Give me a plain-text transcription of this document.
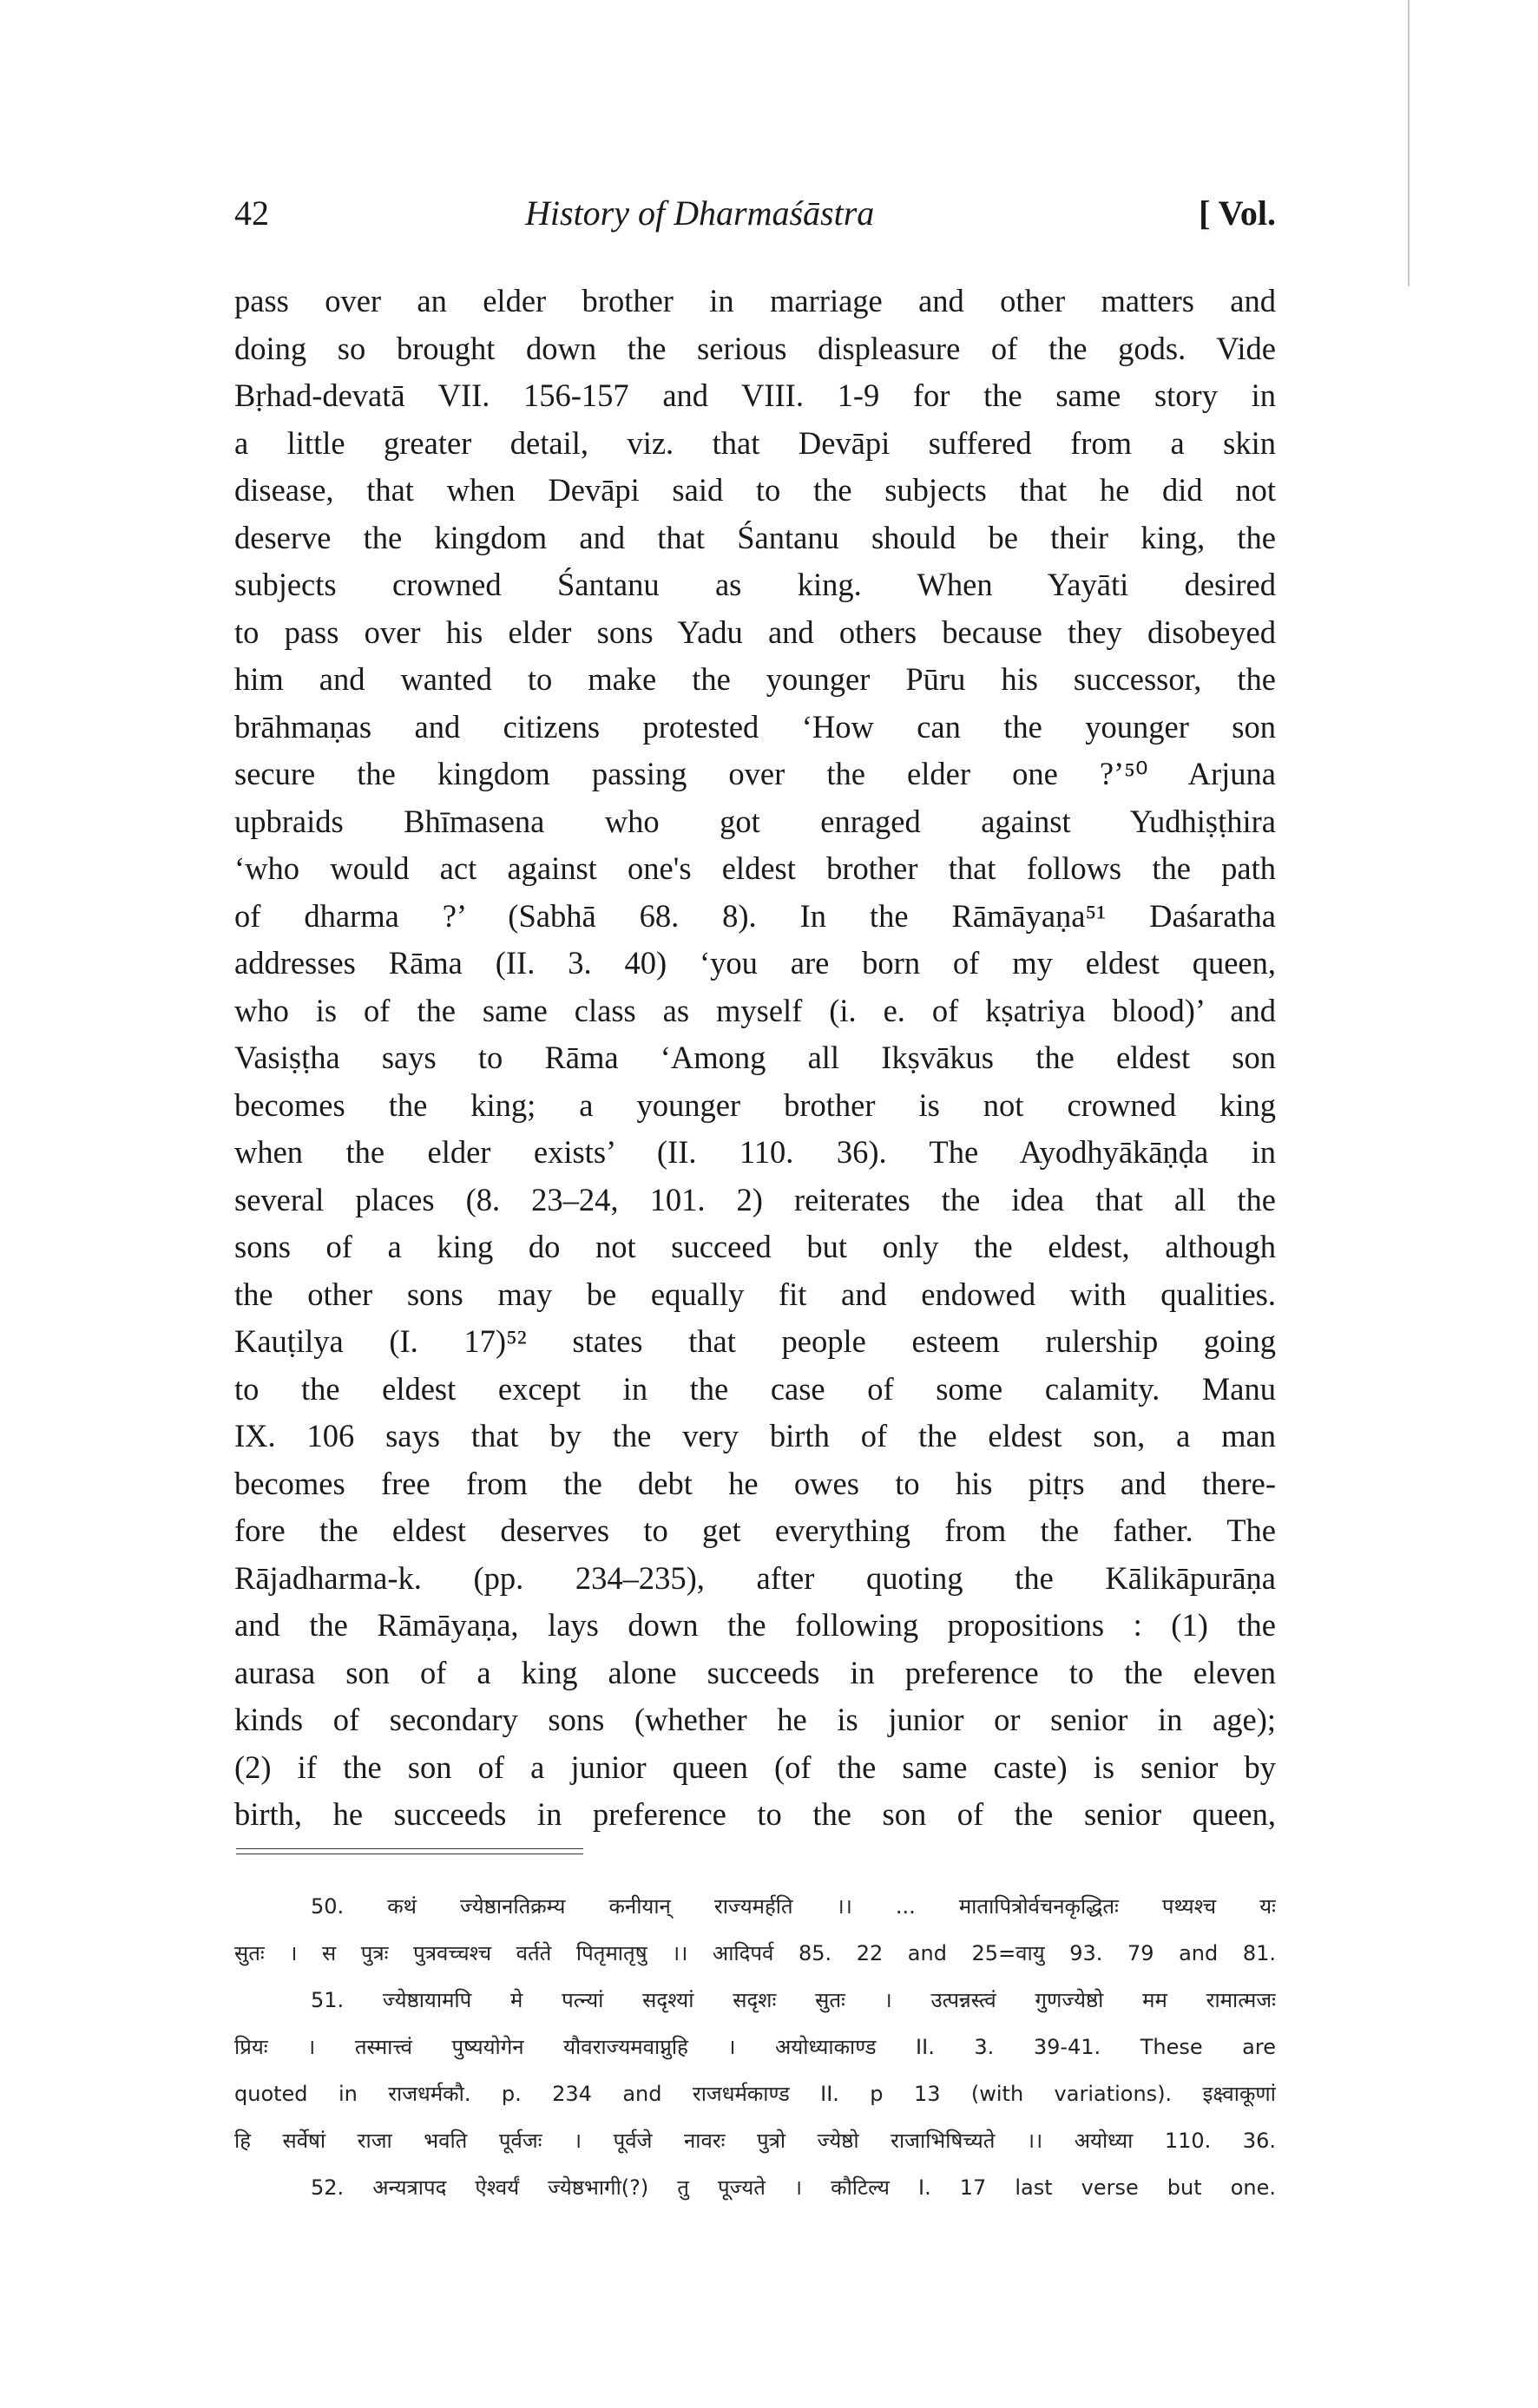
42	History of Dharmaśāstra	[ Vol.
pass over an elder brother in marriage and other matters and
doing so brought down the serious displeasure of the gods. Vide
Bṛhad-devatā VII. 156-157 and VIII. 1-9 for the same story in
a little greater detail, viz. that Devāpi suffered from a skin
disease, that when Devāpi said to the subjects that he did not
deserve the kingdom and that Śantanu should be their king, the
subjects crowned Śantanu as king. When Yayāti desired
to pass over his elder sons Yadu and others because they disobeyed
him and wanted to make the younger Pūru his successor, the
brāhmaṇas and citizens protested ‘How can the younger son
secure the kingdom passing over the elder one ?’⁵⁰ Arjuna
upbraids Bhīmasena who got enraged against Yudhiṣṭhira
‘who would act against one's eldest brother that follows the path
of dharma ?’ (Sabhā 68. 8). In the Rāmāyaṇa⁵¹ Daśaratha
addresses Rāma (II. 3. 40) ‘you are born of my eldest queen,
who is of the same class as myself (i. e. of kṣatriya blood)’ and
Vasiṣṭha says to Rāma ‘Among all Ikṣvākus the eldest son
becomes the king; a younger brother is not crowned king
when the elder exists’ (II. 110. 36). The Ayodhyākāṇḍa in
several places (8. 23–24, 101. 2) reiterates the idea that all the
sons of a king do not succeed but only the eldest, although
the other sons may be equally fit and endowed with qualities.
Kauṭilya (I. 17)⁵² states that people esteem rulership going
to the eldest except in the case of some calamity. Manu
IX. 106 says that by the very birth of the eldest son, a man
becomes free from the debt he owes to his pitṛs and there-
fore the eldest deserves to get everything from the father. The
Rājadharma-k. (pp. 234–235), after quoting the Kālikāpurāṇa
and the Rāmāyaṇa, lays down the following propositions : (1) the
aurasa son of a king alone succeeds in preference to the eleven
kinds of secondary sons (whether he is junior or senior in age);
(2) if the son of a junior queen (of the same caste) is senior by
birth, he succeeds in preference to the son of the senior queen,
50. कथं ज्येष्ठानतिक्रम्य कनीयान् राज्यमर्हति ।। ... मातापित्रोर्वचनकृद्धितः पथ्यश्च यः
सुतः । स पुत्रः पुत्रवच्चश्च वर्तते पितृमातृषु ।। आदिपर्व 85. 22 and 25=वायु 93. 79 and 81.
51. ज्येष्ठायामपि मे पत्न्यां सदृश्यां सदृशः सुतः । उत्पन्नस्त्वं गुणज्येष्ठो मम रामात्मजः
प्रियः । तस्मात्त्वं पुष्ययोगेन यौवराज्यमवाप्नुहि । अयोध्याकाण्ड II. 3. 39-41. These are
quoted in राजधर्मकौ. p. 234 and राजधर्मकाण्ड II. p 13 (with variations). इक्ष्वाकूणां
हि सर्वेषां राजा भवति पूर्वजः । पूर्वजे नावरः पुत्रो ज्येष्ठो राजाभिषिच्यते ।। अयोध्या 110. 36.
52. अन्यत्रापद ऐश्वर्यं ज्येष्ठभागी(?) तु पूज्यते । कौटिल्य I. 17 last verse but one.
